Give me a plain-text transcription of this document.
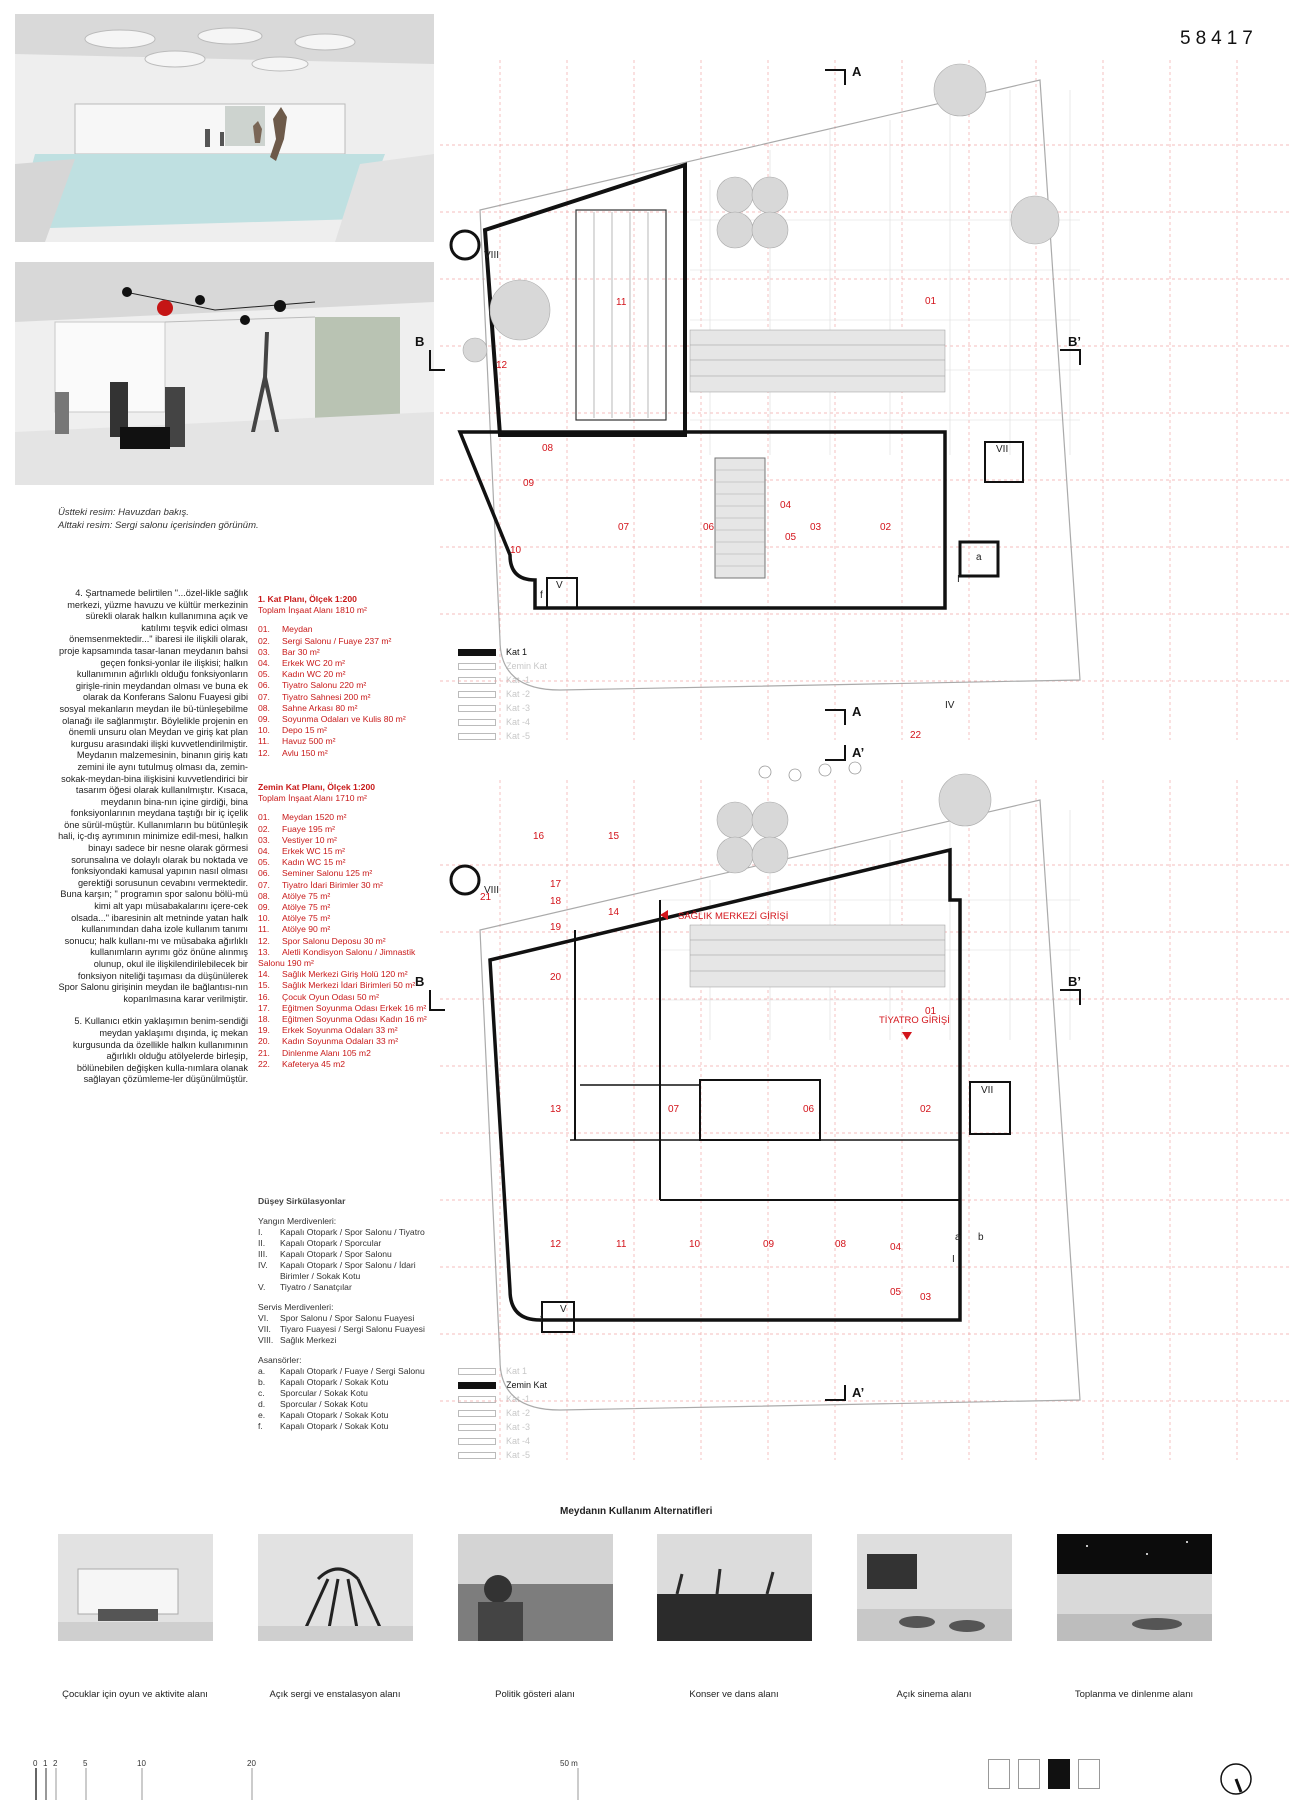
58417
Üstteki resim: Havuzdan bakış.
Alttaki resim: Sergi salonu içerisinden görünüm.

4. Şartnamede belirtilen "...özel-likle sağlık merkezi, yüzme havuzu ve kültür merkezinin sürekli olarak halkın kullanımına açık ve katılımı teşvik edici olması önemsenmektedir..." ibaresi ile ilişkili olarak, proje kapsamında tasar-lanan meydanın bahsi geçen fonksi-yonlar ile ilişkisi; halkın kullanımının ağırlıklı olduğu fonksiyonların girişle-rinin meydandan olması ve buna ek olarak da Konferans Salonu Fuayesi gibi sosyal mekanların meydan ile bü-tünleşebilme olanağı ile sağlanmıştır. Böylelikle projenin en önemli unsuru olan Meydan ve giriş kat plan kurgusu arasındaki ilişki kuvvetlendirilmiştir. Meydanın malzemesinin, binanın giriş katı zemini ile aynı tutulmuş olması da, zemin-sokak-meydan-bina ilişkisini kuvvetlendirici bir tasarım öğesi olarak kullanılmıştır. Kısaca, meydanın bina-nın içine girdiği, bina fonksiyonlarının meydana taştığı bir iç içelik öne sürül-müştür. Kullanımların bu bütünleşik hali, iç-dış ayrımının minimize edil-mesi, halkın binayı sadece bir nesne olarak görmesi sorunsalına ve dolaylı olarak bu noktada ve fonksiyondaki kamusal yapının nasıl olması gerektiği sorusunun cevabını vermektedir. Buna karşın; " programın spor salonu bölü-mü kimi alt yapı müsabakalarını içere-cek olsada..." ibaresinin alt metninde yatan halk kullanımından daha izole kullanım tanımı sonucu; halk kullanı-mı ve müsabaka ağırlıklı kullanımların ayrımı göz önüne alınmış olunup, okul ile ilişkilendirilebilecek bir fonksiyon niteliği taşıması da düşünülerek Spor Salonu girişinin meydan ile bağlantısı-nın koparılmasına karar verilmiştir.

5. Kullanıcı etkin yaklaşımın benim-sendiği meydan yaklaşımı dışında, iç mekan kurgusunda da özellikle halkın kullanımının ağırlıklı olduğu atölyelerde birleşip, bölünebilen değişken kulla-nımlara olanak sağlayan çözümleme-ler düşünülmüştür.

1. Kat Planı, Ölçek 1:200
Toplam İnşaat Alanı 1810 m²
01. Meydan
02. Sergi Salonu / Fuaye 237 m²
03. Bar 30 m²
04. Erkek WC 20 m²
05. Kadın WC 20 m²
06. Tiyatro Salonu 220 m²
07. Tiyatro Sahnesi 200 m²
08. Sahne Arkası 80 m²
09. Soyunma Odaları ve Kulis 80 m²
10. Depo 15 m²
11. Havuz 500 m²
12. Avlu 150 m²
Zemin Kat Planı, Ölçek 1:200
Toplam İnşaat Alanı 1710 m²
01. Meydan 1520 m²
02. Fuaye 195 m²
03. Vestiyer 10 m²
04. Erkek WC 15 m²
05. Kadın WC 15 m²
06. Seminer Salonu 125 m²
07. Tiyatro İdari Birimler 30 m²
08. Atölye 75 m²
09. Atölye 75 m²
10. Atölye 75 m²
11. Atölye 90 m²
12. Spor Salonu Deposu 30 m²
13. Aletli Kondisyon Salonu / Jimnastik Salonu 190 m²
14. Sağlık Merkezi Giriş Holü 120 m²
15. Sağlık Merkezi İdari Birimleri 50 m²
16. Çocuk Oyun Odası 50 m²
17. Eğitmen Soyunma Odası Erkek 16 m²
18. Eğitmen Soyunma Odası Kadın 16 m²
19. Erkek Soyunma Odaları 33 m²
20. Kadın Soyunma Odaları 33 m²
21. Dinlenme Alanı 105 m2
22. Kafeterya 45 m2
Düşey Sirkülasyonlar
Yangın Merdivenleri:
I. Kapalı Otopark / Spor Salonu / Tiyatro
II. Kapalı Otopark / Sporcular
III. Kapalı Otopark / Spor Salonu
IV. Kapalı Otopark / Spor Salonu / İdari
Birimler / Sokak Kotu
V. Tiyatro / Sanatçılar
Servis Merdivenleri:
VI. Spor Salonu / Spor Salonu Fuayesi
VII. Tiyaro Fuayesi / Sergi Salonu Fuayesi
VIII. Sağlık Merkezi
Asansörler:
a. Kapalı Otopark / Fuaye / Sergi Salonu
b. Kapalı Otopark / Sokak Kotu
c. Sporcular / Sokak Kotu
d. Sporcular / Sokak Kotu
e. Kapalı Otopark / Sokak Kotu
f. Kapalı Otopark / Sokak Kotu
Kat 1
Zemin Kat
Kat -1
Kat -2
Kat -3
Kat -4
Kat -5
Kat 1
Zemin Kat
Kat -1
Kat -2
Kat -3
Kat -4
Kat -5
A
A’
B	B’
01
02
03
04
05
06
07
08
09
10
11
12
VIII
VII
V
I
a
f
A
A’
B	B’
01
02
03
04
05
06
07
08
09
10
11
12
13
14
15
16
17
18
19
20
21
22
VIII
VII
V
IV
I
a b
f
SAĞLIK MERKEZİ GİRİŞİ
TİYATRO GİRİŞİ
Meydanın Kullanım Alternatifleri
Çocuklar için oyun ve aktivite alanı	Açık sergi ve enstalasyon alanı	Politik gösteri alanı	Konser ve dans alanı	Açık sinema alanı	Toplanma ve dinlenme alanı
0 1 2	5	10	20	50 m
